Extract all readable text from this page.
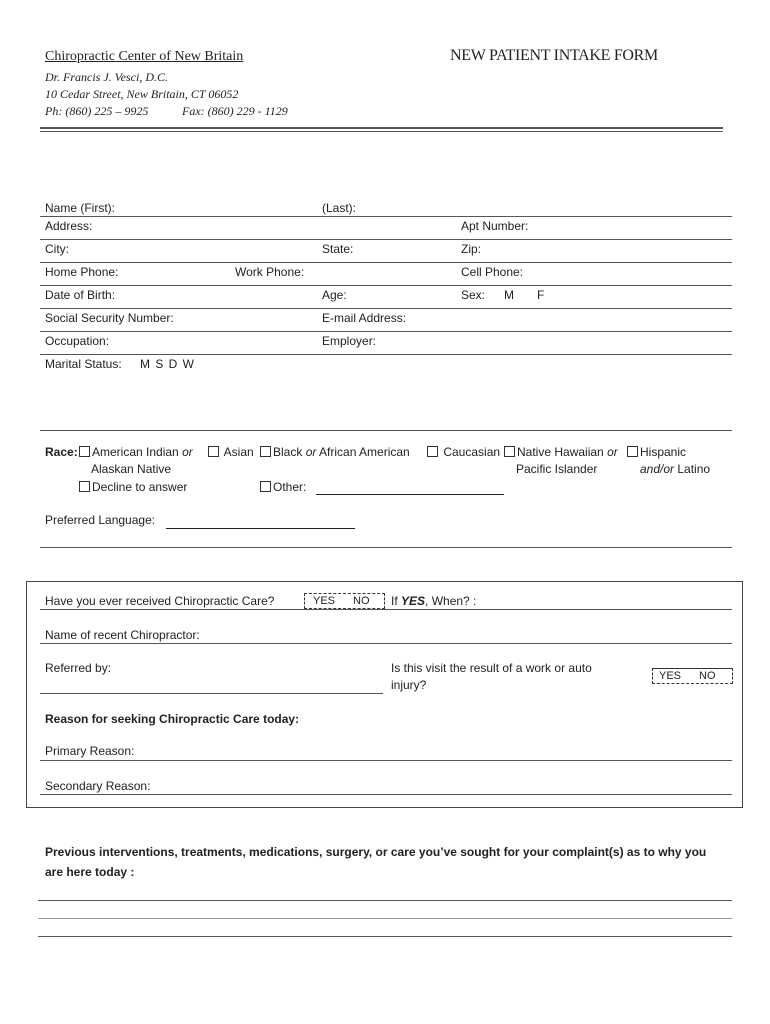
Chiropractic Center of New Britain
Dr. Francis J. Vesci, D.C.
10 Cedar Street, New Britain, CT 06052
Ph: (860) 225 – 9925	Fax: (860) 229 - 1129
NEW PATIENT INTAKE FORM
Name (First):	(Last):
Address:	Apt Number:
City:	State:	Zip:
Home Phone:	Work Phone:	Cell Phone:
Date of Birth:	Age:	Sex: M F
Social Security Number:	E-mail Address:
Occupation:	Employer:
Marital Status: M S D W
Race:	American Indian or
Alaskan Native
Asian	Black or African American	Caucasian	Native Hawaiian or
Pacific Islander
Hispanic
and/or Latino
Decline to answer	Other:
Preferred Language:
Have you ever received Chiropractic Care?	YES NO If YES, When? :
Name of recent Chiropractor:
Referred by:	Is this visit the result of a work or auto
injury?
YES NO
Reason for seeking Chiropractic Care today:
Primary Reason:
Secondary Reason:
Previous interventions, treatments, medications, surgery, or care you’ve sought for your complaint(s) as to why you
are here today :
